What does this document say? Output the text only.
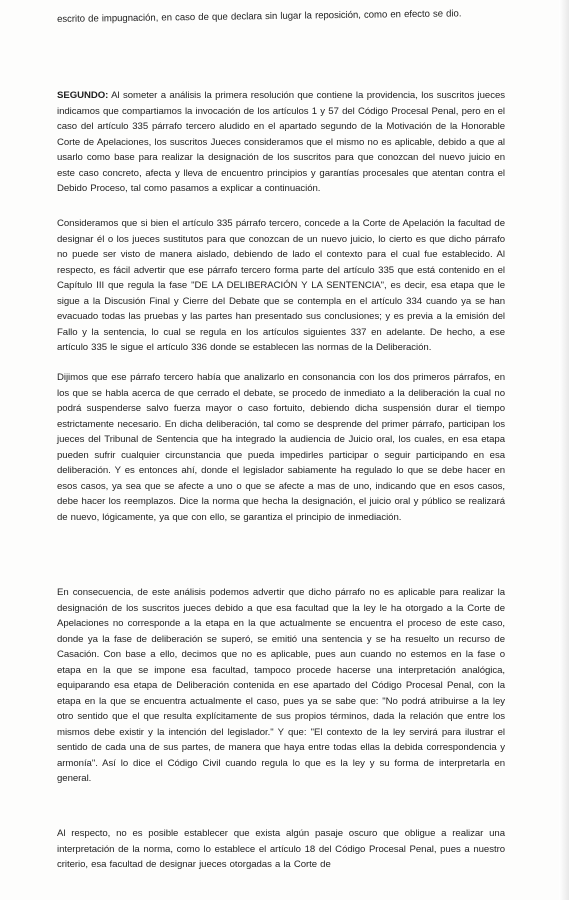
escrito de impugnación, en caso de que declara sin lugar la reposición, como en efecto se dio.
SEGUNDO: Al someter a análisis la primera resolución que contiene la providencia, los suscritos jueces indicamos que compartiamos la invocación de los artículos 1 y 57 del Código Procesal Penal, pero en el caso del artículo 335 párrafo tercero aludido en el apartado segundo de la Motivación de la Honorable Corte de Apelaciones, los suscritos Jueces consideramos que el mismo no es aplicable, debido a que al usarlo como base para realizar la designación de los suscritos para que conozcan del nuevo juicio en este caso concreto, afecta y lleva de encuentro principios y garantías procesales que atentan contra el Debido Proceso, tal como pasamos a explicar a continuación.
Consideramos que si bien el artículo 335 párrafo tercero, concede a la Corte de Apelación la facultad de designar él o los jueces sustitutos para que conozcan de un nuevo juicio, lo cierto es que dicho párrafo no puede ser visto de manera aislado, debiendo de lado el contexto para el cual fue establecido. Al respecto, es fácil advertir que ese párrafo tercero forma parte del artículo 335 que está contenido en el Capítulo III que regula la fase "DE LA DELIBERACIÓN Y LA SENTENCIA", es decir, esa etapa que le sigue a la Discusión Final y Cierre del Debate que se contempla en el artículo 334 cuando ya se han evacuado todas las pruebas y las partes han presentado sus conclusiones; y es previa a la emisión del Fallo y la sentencia, lo cual se regula en los artículos siguientes 337 en adelante. De hecho, a ese artículo 335 le sigue el artículo 336 donde se establecen las normas de la Deliberación.
Dijimos que ese párrafo tercero había que analizarlo en consonancia con los dos primeros párrafos, en los que se habla acerca de que cerrado el debate, se procedo de inmediato a la deliberación la cual no podrá suspenderse salvo fuerza mayor o caso fortuito, debiendo dicha suspensión durar el tiempo estrictamente necesario. En dicha deliberación, tal como se desprende del primer párrafo, participan los jueces del Tribunal de Sentencia que ha integrado la audiencia de Juicio oral, los cuales, en esa etapa pueden sufrir cualquier circunstancia que pueda impedirles participar o seguir participando en esa deliberación. Y es entonces ahí, donde el legislador sabiamente ha regulado lo que se debe hacer en esos casos, ya sea que se afecte a uno o que se afecte a mas de uno, indicando que en esos casos, debe hacer los reemplazos. Dice la norma que hecha la designación, el juicio oral y público se realizará de nuevo, lógicamente, ya que con ello, se garantiza el principio de inmediación.
En consecuencia, de este análisis podemos advertir que dicho párrafo no es aplicable para realizar la designación de los suscritos jueces debido a que esa facultad que la ley le ha otorgado a la Corte de Apelaciones no corresponde a la etapa en la que actualmente se encuentra el proceso de este caso, donde ya la fase de deliberación se superó, se emitió una sentencia y se ha resuelto un recurso de Casación. Con base a ello, decimos que no es aplicable, pues aun cuando no estemos en la fase o etapa en la que se impone esa facultad, tampoco procede hacerse una interpretación analógica, equiparando esa etapa de Deliberación contenida en ese apartado del Código Procesal Penal, con la etapa en la que se encuentra actualmente el caso, pues ya se sabe que: "No podrá atribuirse a la ley otro sentido que el que resulta explícitamente de sus propios términos, dada la relación que entre los mismos debe existir y la intención del legislador." Y que: "El contexto de la ley servirá para ilustrar el sentido de cada una de sus partes, de manera que haya entre todas ellas la debida correspondencia y armonía". Así lo dice el Código Civil cuando regula lo que es la ley y su forma de interpretarla en general.
Al respecto, no es posible establecer que exista algún pasaje oscuro que obligue a realizar una interpretación de la norma, como lo establece el artículo 18 del Código Procesal Penal, pues a nuestro criterio, esa facultad de designar jueces otorgadas a la Corte de
